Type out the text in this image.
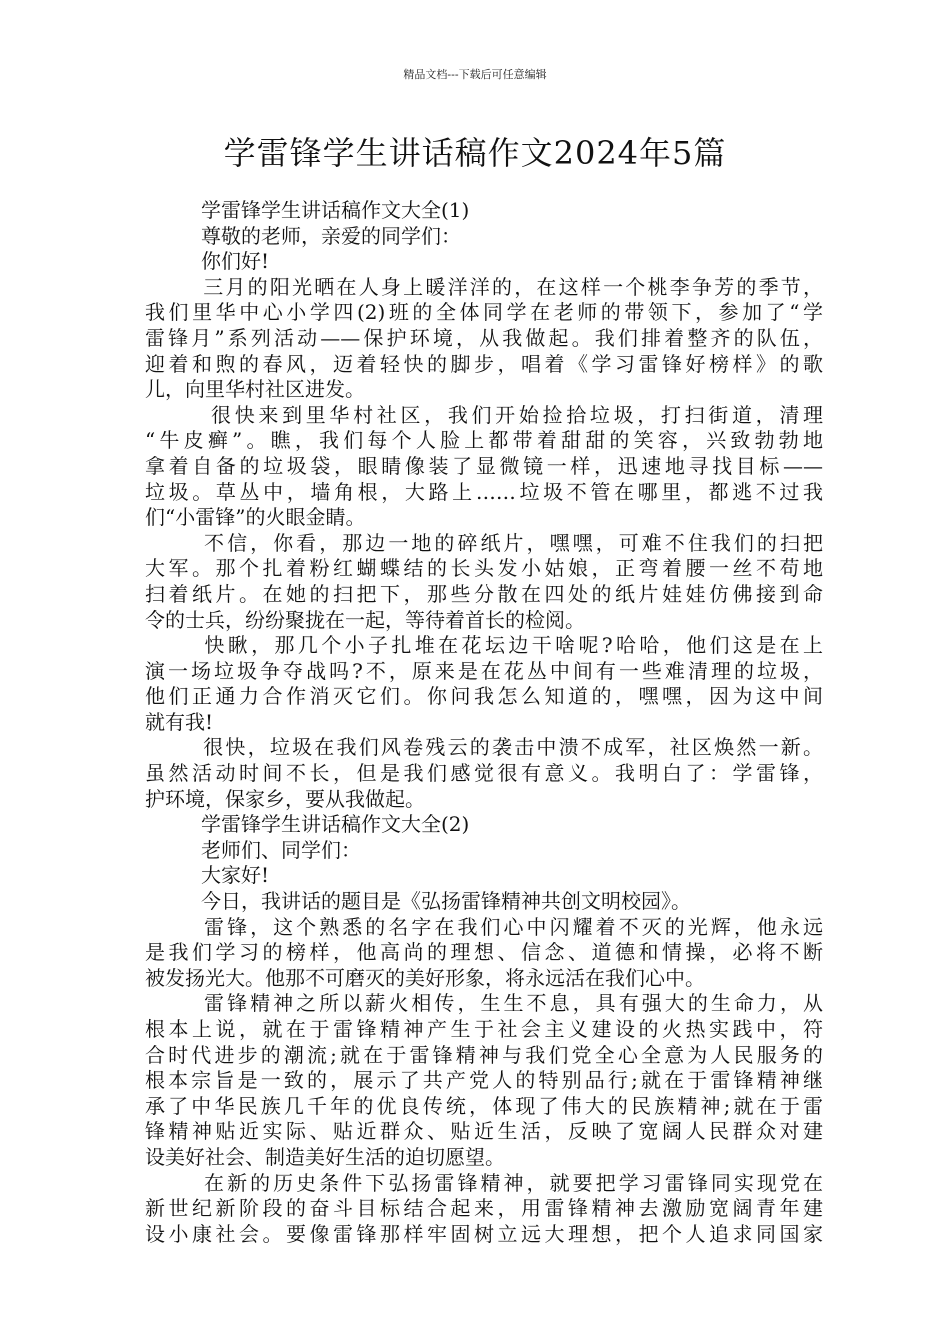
精品文档---下载后可任意编辑
学雷锋学生讲话稿作文2024年5篇
学雷锋学生讲话稿作文大全(1)
尊敬的老师，亲爱的同学们：
你们好!
三月的阳光晒在人身上暖洋洋的，在这样一个桃李争芳的季节，
我们里华中心小学四(2)班的全体同学在老师的带领下，参加了“学
雷锋月”系列活动——保护环境，从我做起。我们排着整齐的队伍，
迎着和煦的春风，迈着轻快的脚步，唱着《学习雷锋好榜样》的歌
儿，向里华村社区进发。
很快来到里华村社区，我们开始捡拾垃圾，打扫街道，清理
“牛皮癣”。瞧，我们每个人脸上都带着甜甜的笑容，兴致勃勃地
拿着自备的垃圾袋，眼睛像装了显微镜一样，迅速地寻找目标——
垃圾。草丛中，墙角根，大路上……垃圾不管在哪里，都逃不过我
们“小雷锋”的火眼金睛。
不信，你看，那边一地的碎纸片，嘿嘿，可难不住我们的扫把
大军。那个扎着粉红蝴蝶结的长头发小姑娘，正弯着腰一丝不苟地
扫着纸片。在她的扫把下，那些分散在四处的纸片娃娃仿佛接到命
令的士兵，纷纷聚拢在一起，等待着首长的检阅。
快瞅，那几个小子扎堆在花坛边干啥呢?哈哈，他们这是在上
演一场垃圾争夺战吗?不，原来是在花丛中间有一些难清理的垃圾，
他们正通力合作消灭它们。你问我怎么知道的，嘿嘿，因为这中间
就有我!
很快，垃圾在我们风卷残云的袭击中溃不成军，社区焕然一新。
虽然活动时间不长，但是我们感觉很有意义。我明白了：学雷锋，
护环境，保家乡，要从我做起。
学雷锋学生讲话稿作文大全(2)
老师们、同学们：
大家好!
今日，我讲话的题目是《弘扬雷锋精神共创文明校园》。
雷锋，这个熟悉的名字在我们心中闪耀着不灭的光辉，他永远
是我们学习的榜样，他高尚的理想、信念、道德和情操，必将不断
被发扬光大。他那不可磨灭的美好形象，将永远活在我们心中。
雷锋精神之所以薪火相传，生生不息，具有强大的生命力，从
根本上说，就在于雷锋精神产生于社会主义建设的火热实践中，符
合时代进步的潮流;就在于雷锋精神与我们党全心全意为人民服务的
根本宗旨是一致的，展示了共产党人的特别品行;就在于雷锋精神继
承了中华民族几千年的优良传统，体现了伟大的民族精神;就在于雷
锋精神贴近实际、贴近群众、贴近生活，反映了宽阔人民群众对建
设美好社会、制造美好生活的迫切愿望。
在新的历史条件下弘扬雷锋精神，就要把学习雷锋同实现党在
新世纪新阶段的奋斗目标结合起来，用雷锋精神去激励宽阔青年建
设小康社会。要像雷锋那样牢固树立远大理想，把个人追求同国家
